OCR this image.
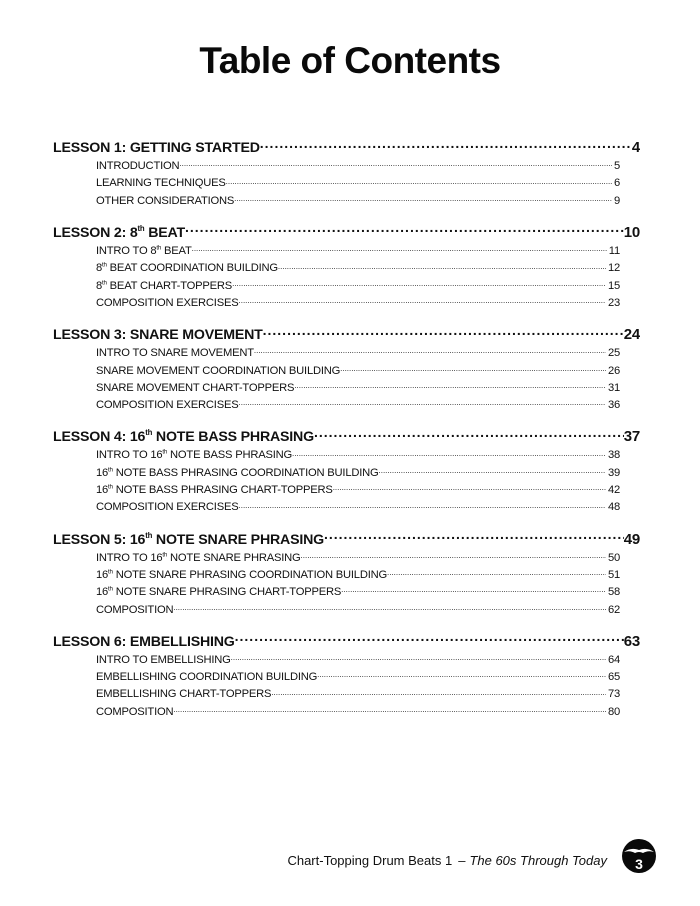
Table of Contents
LESSON 1: GETTING STARTED .....	4
INTRODUCTION .....	5
LEARNING TECHNIQUES .....	6
OTHER CONSIDERATIONS .....	9
LESSON 2: 8th BEAT .....	10
INTRO TO 8th BEAT .....	11
8th BEAT COORDINATION BUILDING .....	12
8th BEAT CHART-TOPPERS .....	15
COMPOSITION EXERCISES .....	23
LESSON 3: SNARE MOVEMENT .....	24
INTRO TO SNARE MOVEMENT .....	25
SNARE MOVEMENT COORDINATION BUILDING .....	26
SNARE MOVEMENT CHART-TOPPERS .....	31
COMPOSITION EXERCISES .....	36
LESSON 4: 16th NOTE BASS PHRASING .....	37
INTRO TO 16th NOTE BASS PHRASING .....	38
16th NOTE BASS PHRASING COORDINATION BUILDING .....	39
16th NOTE BASS PHRASING CHART-TOPPERS .....	42
COMPOSITION EXERCISES .....	48
LESSON 5: 16th NOTE SNARE PHRASING .....	49
INTRO TO 16th NOTE SNARE PHRASING .....	50
16th NOTE SNARE PHRASING COORDINATION BUILDING .....	51
16th NOTE SNARE PHRASING CHART-TOPPERS .....	58
COMPOSITION .....	62
LESSON 6: EMBELLISHING .....	63
INTRO TO EMBELLISHING .....	64
EMBELLISHING COORDINATION BUILDING .....	65
EMBELLISHING CHART-TOPPERS .....	73
COMPOSITION .....	80
Chart-Topping Drum Beats 1 – The 60s Through Today 3
